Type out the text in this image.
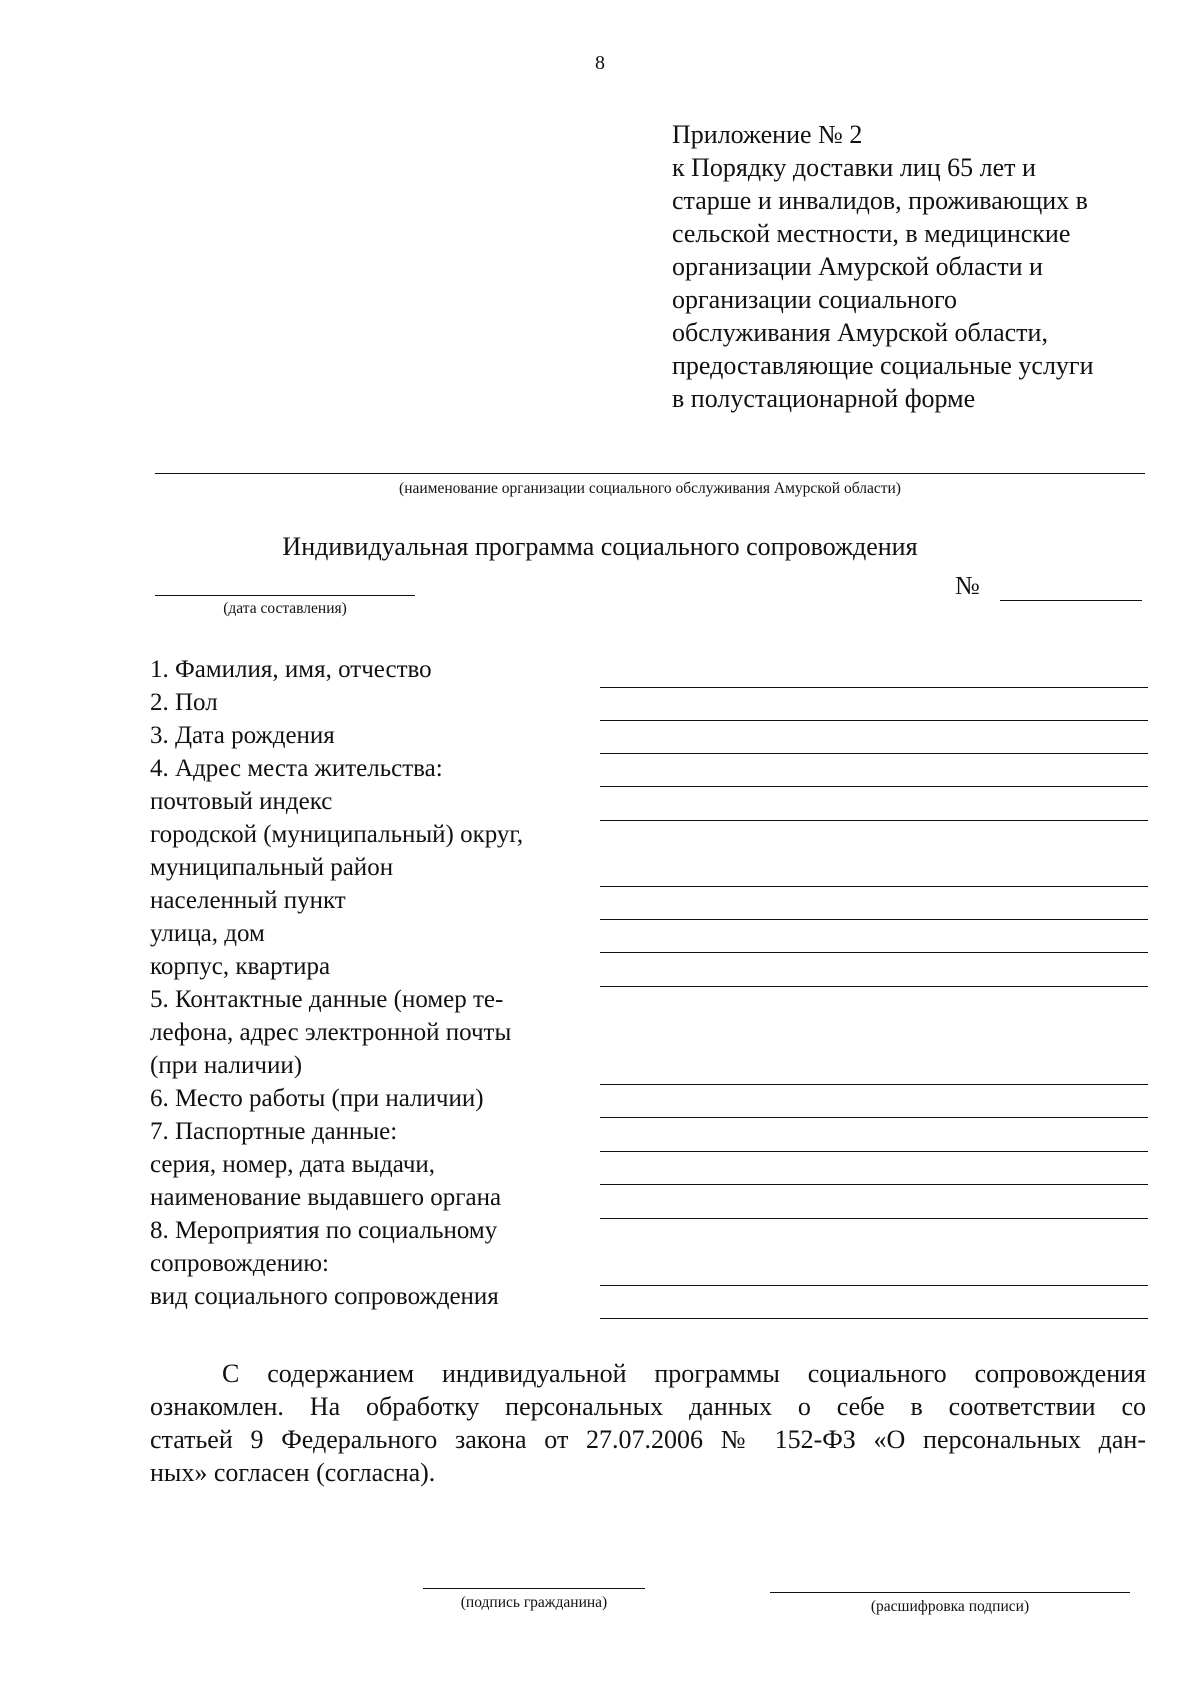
8
Приложение № 2
к Порядку доставки лиц 65 лет и
старше и инвалидов, проживающих в
сельской местности, в медицинские
организации Амурской области и
организации социального
обслуживания Амурской области,
предоставляющие социальные услуги
в полустационарной форме
(наименование организации социального обслуживания Амурской области)
Индивидуальная программа социального сопровождения
(дата составления)
№
1. Фамилия, имя, отчество
2. Пол
3. Дата рождения
4. Адрес места жительства:
почтовый индекс
городской (муниципальный) округ,
муниципальный район
населенный пункт
улица, дом
корпус, квартира
5. Контактные данные (номер те-
лефона, адрес электронной почты
(при наличии)
6. Место работы (при наличии)
7. Паспортные данные:
серия, номер, дата выдачи,
наименование выдавшего органа
8. Мероприятия по социальному
сопровождению:
вид социального сопровождения
С содержанием индивидуальной программы социального сопровождения
ознакомлен. На обработку персональных данных о себе в соответствии со
статьей 9 Федерального закона от 27.07.2006 № 152-ФЗ «О персональных дан-
ных» согласен (согласна).
(подпись гражданина)	(расшифровка подписи)
